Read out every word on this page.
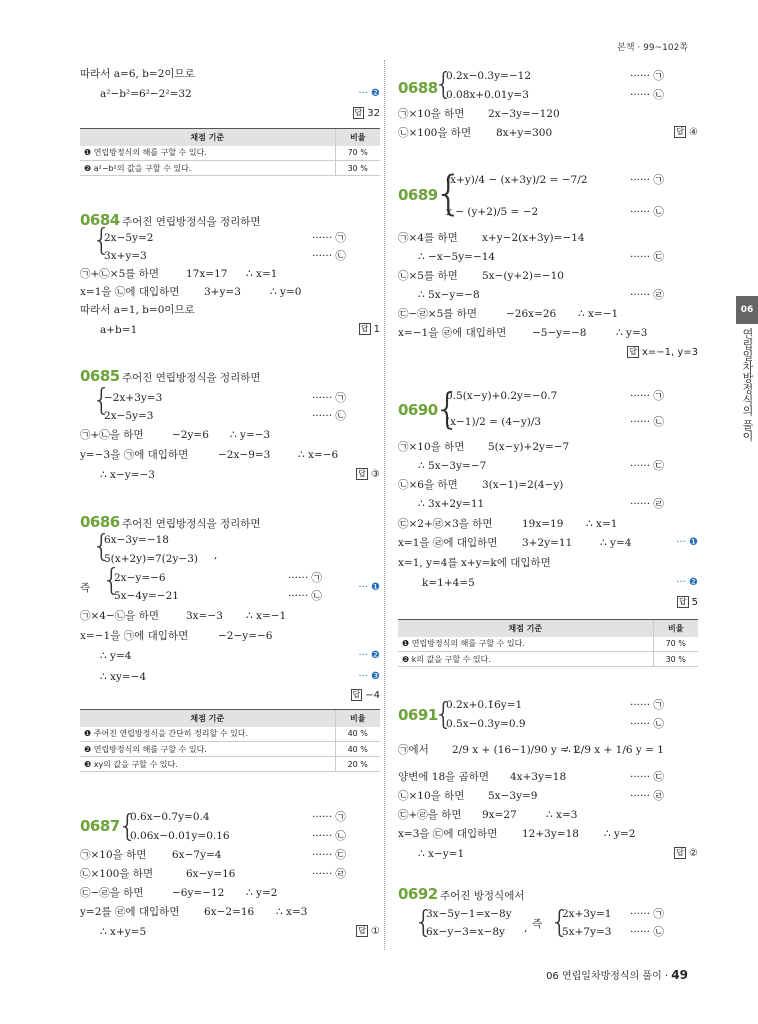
본책 · 99~102쪽
06
연립일차방정식의 풀이
따라서 a=6, b=2이므로
a²−b²=6²−2²=32	··· ❷
답 32
채점 기준	비율
❶ 연립방정식의 해를 구할 수 있다.	70 %
❷ a²−b²의 값을 구할 수 있다.	30 %
0684 주어진 연립방정식을 정리하면
{
2x−5y=2	······ ㉠
3x+y=3	······ ㉡
㉠+㉡×5를 하면	17x=17 ∴ x=1
x=1을 ㉡에 대입하면 3+y=3	∴ y=0
따라서 a=1, b=0이므로
a+b=1	답 1
0685 주어진 연립방정식을 정리하면
{
−2x+3y=3	······ ㉠
2x−5y=3	······ ㉡
㉠+㉡을 하면	−2y=6 ∴ y=−3
y=−3을 ㉠에 대입하면	−2x−9=3	∴ x=−6
∴ x−y=−3	답 ③
0686 주어진 연립방정식을 정리하면
{
6x−3y=−18
5(x+2y)=7(2y−3) ,
즉 {
2x−y=−6	······ ㉠
5x−4y=−21	······ ㉡
··· ❶
㉠×4−㉡을 하면	3x=−3 ∴ x=−1
x=−1을 ㉠에 대입하면	−2−y=−6
∴ y=4	··· ❷
∴ xy=−4	··· ❸
답 −4
채점 기준	비율
❶ 주어진 연립방정식을 간단히 정리할 수 있다.	40 %
❷ 연립방정식의 해를 구할 수 있다.	40 %
❸ xy의 값을 구할 수 있다.	20 %
0687
{
0.6x−0.7y=0.4	······ ㉠
0.06x−0.01y=0.16	······ ㉡
㉠×10을 하면 6x−7y=4	······ ㉢
㉡×100을 하면	6x−y=16	······ ㉣
㉢−㉣을 하면	−6y=−12 ∴ y=2
y=2를 ㉣에 대입하면 6x−2=16 ∴ x=3
∴ x+y=5	답 ①
0688
{
0.2x−0.3y=−12	······ ㉠
0.08x+0.01y=3	······ ㉡
㉠×10을 하면 2x−3y=−120
㉡×100을 하면 8x+y=300	답 ④
0689
{
(x+y)/4 − (x+3y)/2 = −7/2	······ ㉠
x − (y+2)/5 = −2	······ ㉡
㉠×4를 하면 x+y−2(x+3y)=−14
∴ −x−5y=−14	······ ㉢
㉡×5를 하면 5x−(y+2)=−10
∴ 5x−y=−8	······ ㉣
㉢−㉣×5를 하면	−26x=26 ∴ x=−1
x=−1을 ㉣에 대입하면 −5−y=−8	∴ y=3
답 x=−1, y=3
0690
{
0.5(x−y)+0.2y=−0.7	······ ㉠
(x−1)/2 = (4−y)/3	······ ㉡
㉠×10을 하면 5(x−y)+2y=−7
∴ 5x−3y=−7	······ ㉢
㉡×6을 하면 3(x−1)=2(4−y)
∴ 3x+2y=11	······ ㉣
㉢×2+㉣×3을 하면	19x=19 ∴ x=1
x=1을 ㉣에 대입하면 3+2y=11	∴ y=4	··· ❶
x=1, y=4를 x+y=k에 대입하면
k=1+4=5	··· ❷
답 5
채점 기준	비율
❶ 연립방정식의 해를 구할 수 있다.	70 %
❷ k의 값을 구할 수 있다.	30 %
0691
{
0.2̇x+0.1̇6̇y=1	······ ㉠
0.5x−0.3y=0.9	······ ㉡
㉠에서 2/9 x + (16−1)/90 y = 1
∴ 2/9 x + 1/6 y = 1
양변에 18을 곱하면 4x+3y=18	······ ㉢
㉡×10을 하면 5x−3y=9	······ ㉣
㉢+㉣을 하면 9x=27	∴ x=3
x=3을 ㉢에 대입하면 12+3y=18 ∴ y=2
∴ x−y=1	답 ②
0692 주어진 방정식에서
{
3x−5y−1=x−8y
6x−y−3=x−8y , 즉 {
2x+3y=1 ······ ㉠
5x+7y=3 ······ ㉡
06 연립일차방정식의 풀이 · 49
